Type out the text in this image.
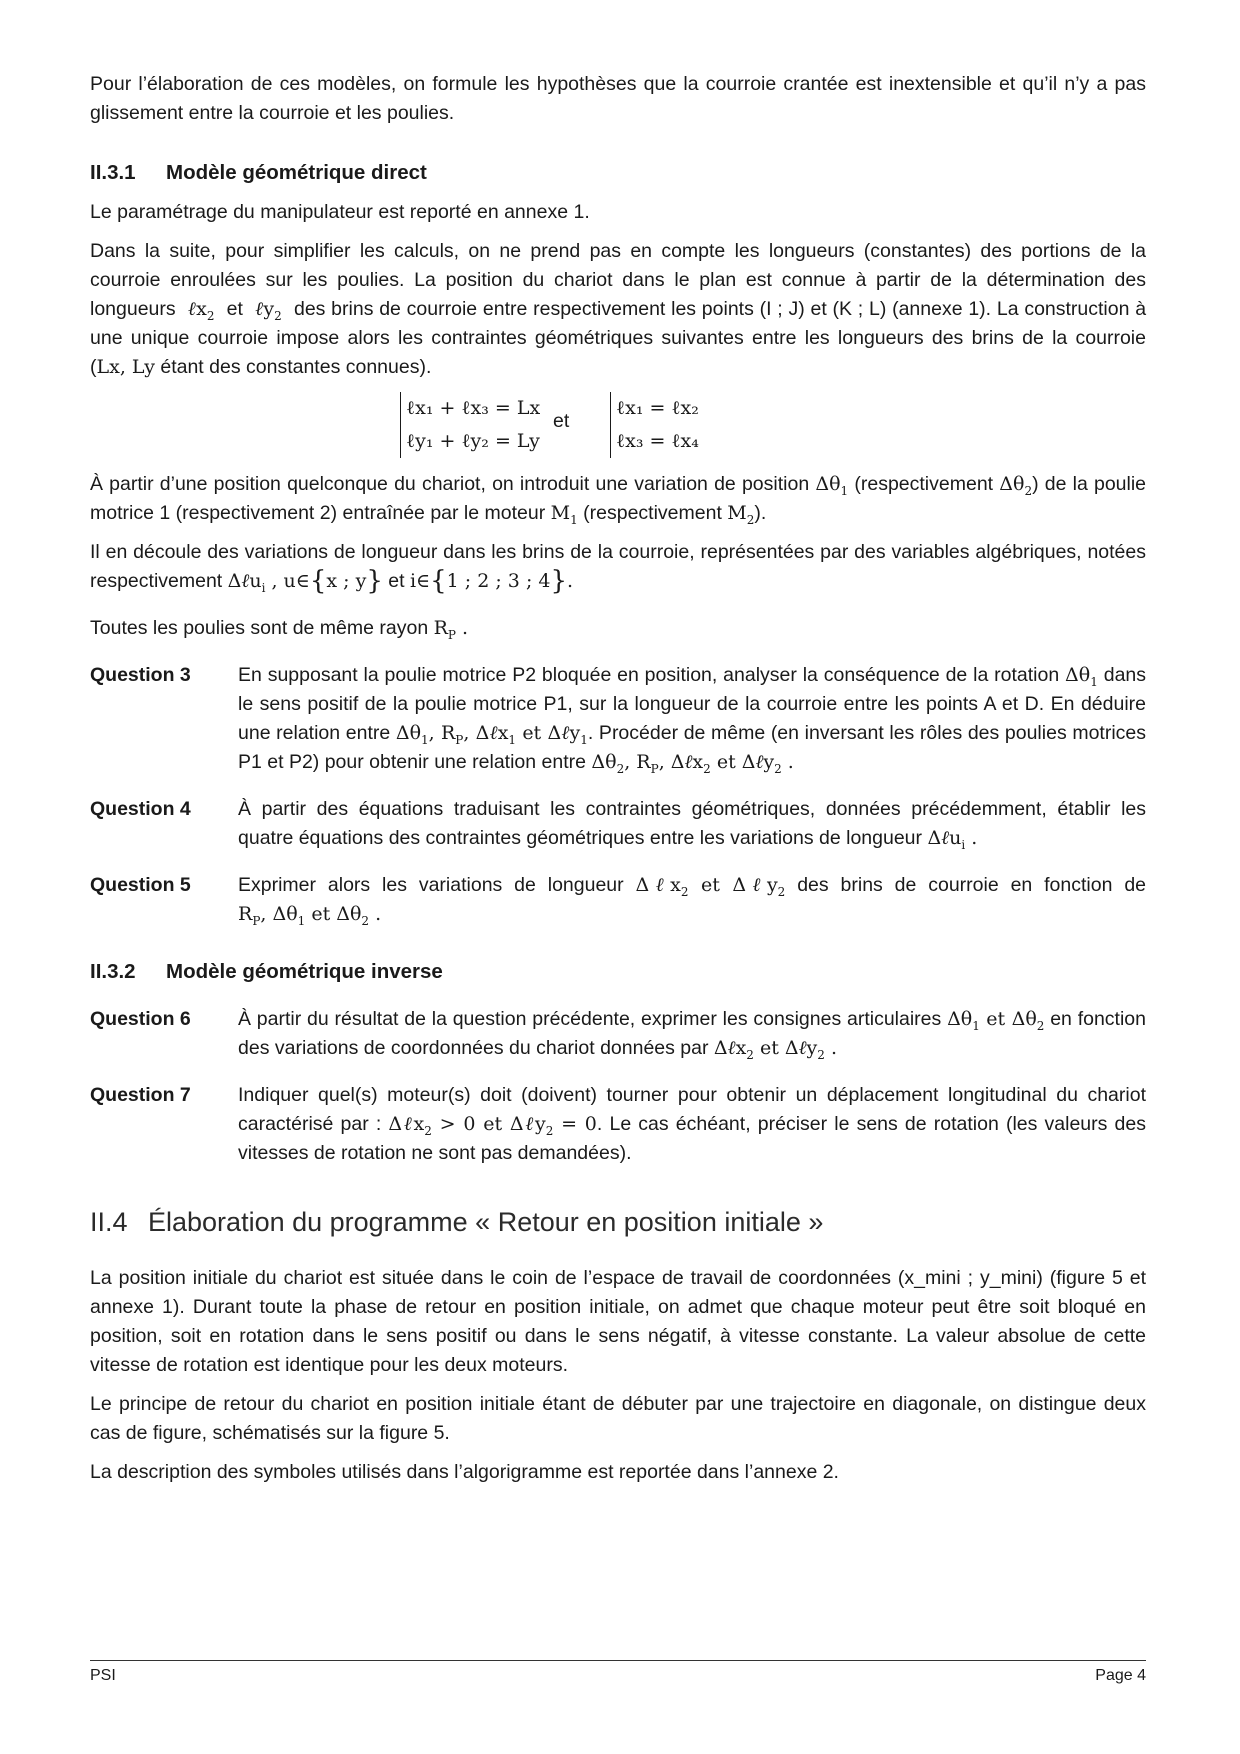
Pour l’élaboration de ces modèles, on formule les hypothèses que la courroie crantée est inextensible et qu’il n’y a pas glissement entre la courroie et les poulies.

II.3.1 Modèle géométrique direct

Le paramétrage du manipulateur est reporté en annexe 1.

Dans la suite, pour simplifier les calculs, on ne prend pas en compte les longueurs (constantes) des portions de la courroie enroulées sur les poulies. La position du chariot dans le plan est connue à partir de la détermination des longueurs ℓx$_2$ et ℓy$_2$ des brins de courroie entre respectivement les points (I ; J) et (K ; L) (annexe 1). La construction à une unique courroie impose alors les contraintes géométriques suivantes entre les longueurs des brins de la courroie (Lx, Ly étant des constantes connues).

ℓx₁ + ℓx₃ = Lx
ℓy₁ + ℓy₂ = Ly
et
ℓx₁ = ℓx₂
ℓx₃ = ℓx₄

À partir d’une position quelconque du chariot, on introduit une variation de position $\Delta\theta_1$ (respectivement $\Delta\theta_2$) de la poulie motrice 1 (respectivement 2) entraînée par le moteur $M_1$ (respectivement $M_2$).

Il en découle des variations de longueur dans les brins de la courroie, représentées par des variables algébriques, notées respectivement Δℓu$_i$ , u∈{x ; y} et i∈{1 ; 2 ; 3 ; 4}.

Toutes les poulies sont de même rayon $R_P$ .

Question 3	En supposant la poulie motrice P2 bloquée en position, analyser la conséquence de la rotation $\Delta\theta_1$ dans le sens positif de la poulie motrice P1, sur la longueur de la courroie entre les points A et D. En déduire une relation entre $\Delta\theta_1$, $R_P$, Δℓx$_1$ et Δℓy$_1$. Procéder de même (en inversant les rôles des poulies motrices P1 et P2) pour obtenir une relation entre $\Delta\theta_2$, $R_P$, Δℓx$_2$ et Δℓy$_2$ .

Question 4	À partir des équations traduisant les contraintes géométriques, données précédemment, établir les quatre équations des contraintes géométriques entre les variations de longueur Δℓu$_i$ .

Question 5	Exprimer alors les variations de longueur Δℓx$_2$ et Δℓy$_2$ des brins de courroie en fonction de $R_P$, $\Delta\theta_1$ et $\Delta\theta_2$ .

II.3.2 Modèle géométrique inverse
Question 6	À partir du résultat de la question précédente, exprimer les consignes articulaires $\Delta\theta_1$ et $\Delta\theta_2$ en fonction des variations de coordonnées du chariot données par Δℓx$_2$ et Δℓy$_2$ .

Question 7	Indiquer quel(s) moteur(s) doit (doivent) tourner pour obtenir un déplacement longitudinal du chariot caractérisé par : Δℓx$_2$ > 0 et Δℓy$_2$ = 0. Le cas échéant, préciser le sens de rotation (les valeurs des vitesses de rotation ne sont pas demandées).

II.4 Élaboration du programme « Retour en position initiale »

La position initiale du chariot est située dans le coin de l’espace de travail de coordonnées (x_mini ; y_mini) (figure 5 et annexe 1). Durant toute la phase de retour en position initiale, on admet que chaque moteur peut être soit bloqué en position, soit en rotation dans le sens positif ou dans le sens négatif, à vitesse constante. La valeur absolue de cette vitesse de rotation est identique pour les deux moteurs.

Le principe de retour du chariot en position initiale étant de débuter par une trajectoire en diagonale, on distingue deux cas de figure, schématisés sur la figure 5.

La description des symboles utilisés dans l’algorigramme est reportée dans l’annexe 2.

PSI	Page 4
